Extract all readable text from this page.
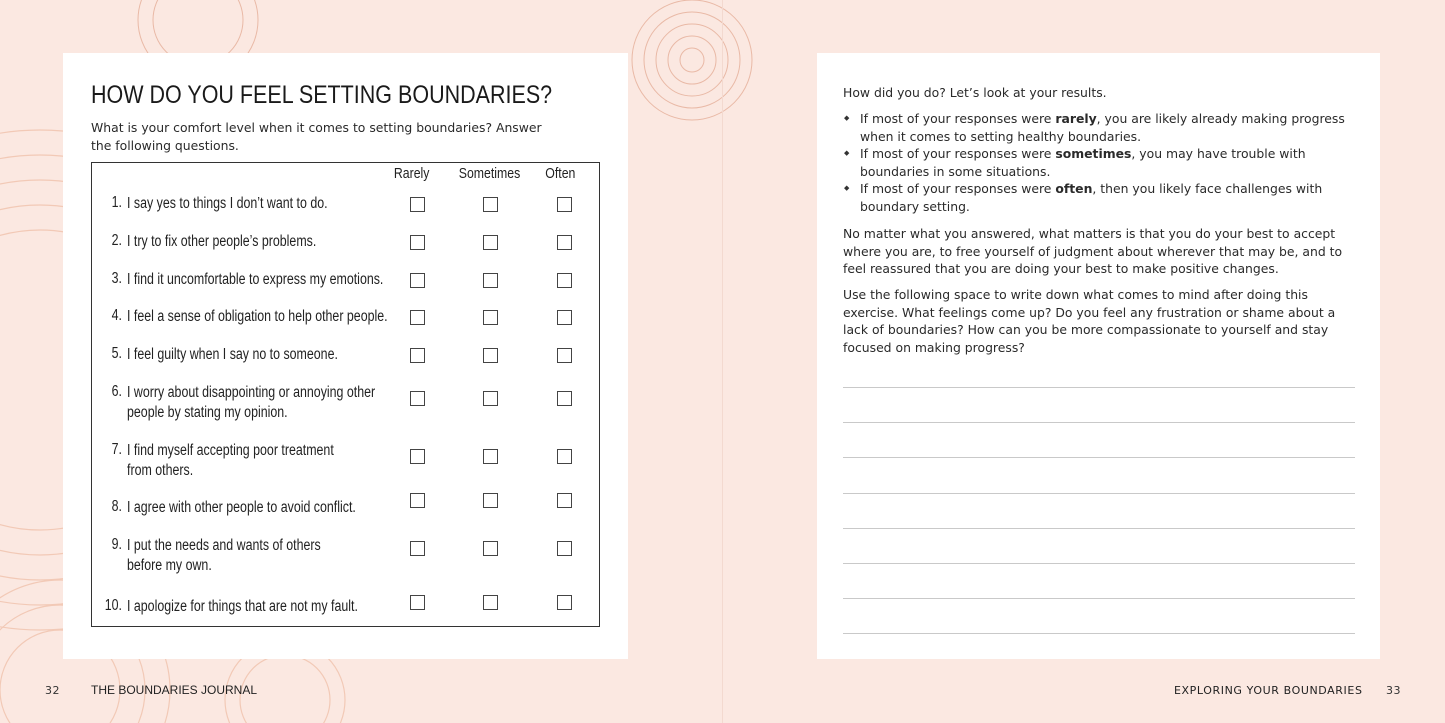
HOW DO YOU FEEL SETTING BOUNDARIES?
What is your comfort level when it comes to setting boundaries? Answer the following questions.
Rarely Sometimes Often
1. I say yes to things I don’t want to do.
2. I try to fix other people’s problems.
3. I find it uncomfortable to express my emotions.
4. I feel a sense of obligation to help other people.
5. I feel guilty when I say no to someone.
6. I worry about disappointing or annoying other
people by stating my opinion.
7. I find myself accepting poor treatment
from others.
8. I agree with other people to avoid conflict.
9. I put the needs and wants of others
before my own.
10. I apologize for things that are not my fault.
32	THE BOUNDARIES JOURNAL
How did you do? Let’s look at your results.
◆ If most of your responses were rarely, you are likely already making progress when it comes to setting healthy boundaries.
◆ If most of your responses were sometimes, you may have trouble with boundaries in some situations.
◆ If most of your responses were often, then you likely face challenges with boundary setting.
No matter what you answered, what matters is that you do your best to accept where you are, to free yourself of judgment about wherever that may be, and to feel reassured that you are doing your best to make positive changes.
Use the following space to write down what comes to mind after doing this exercise. What feelings come up? Do you feel any frustration or shame about a lack of boundaries? How can you be more compassionate to yourself and stay focused on making progress?
EXPLORING YOUR BOUNDARIES 33
